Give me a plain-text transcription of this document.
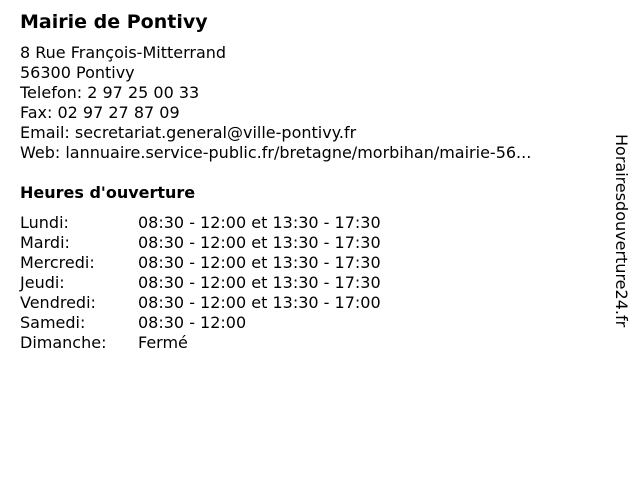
Mairie de Pontivy
8 Rue François-Mitterrand
56300 Pontivy
Telefon: 2 97 25 00 33
Fax: 02 97 27 87 09
Email: secretariat.general@ville-pontivy.fr
Web: lannuaire.service-public.fr/bretagne/morbihan/mairie-56...
Heures d'ouverture
Lundi:	08:30 - 12:00 et 13:30 - 17:30
Mardi:	08:30 - 12:00 et 13:30 - 17:30
Mercredi:	08:30 - 12:00 et 13:30 - 17:30
Jeudi:	08:30 - 12:00 et 13:30 - 17:30
Vendredi:	08:30 - 12:00 et 13:30 - 17:00
Samedi:	08:30 - 12:00
Dimanche: Fermé
Horairesdouverture24.fr
